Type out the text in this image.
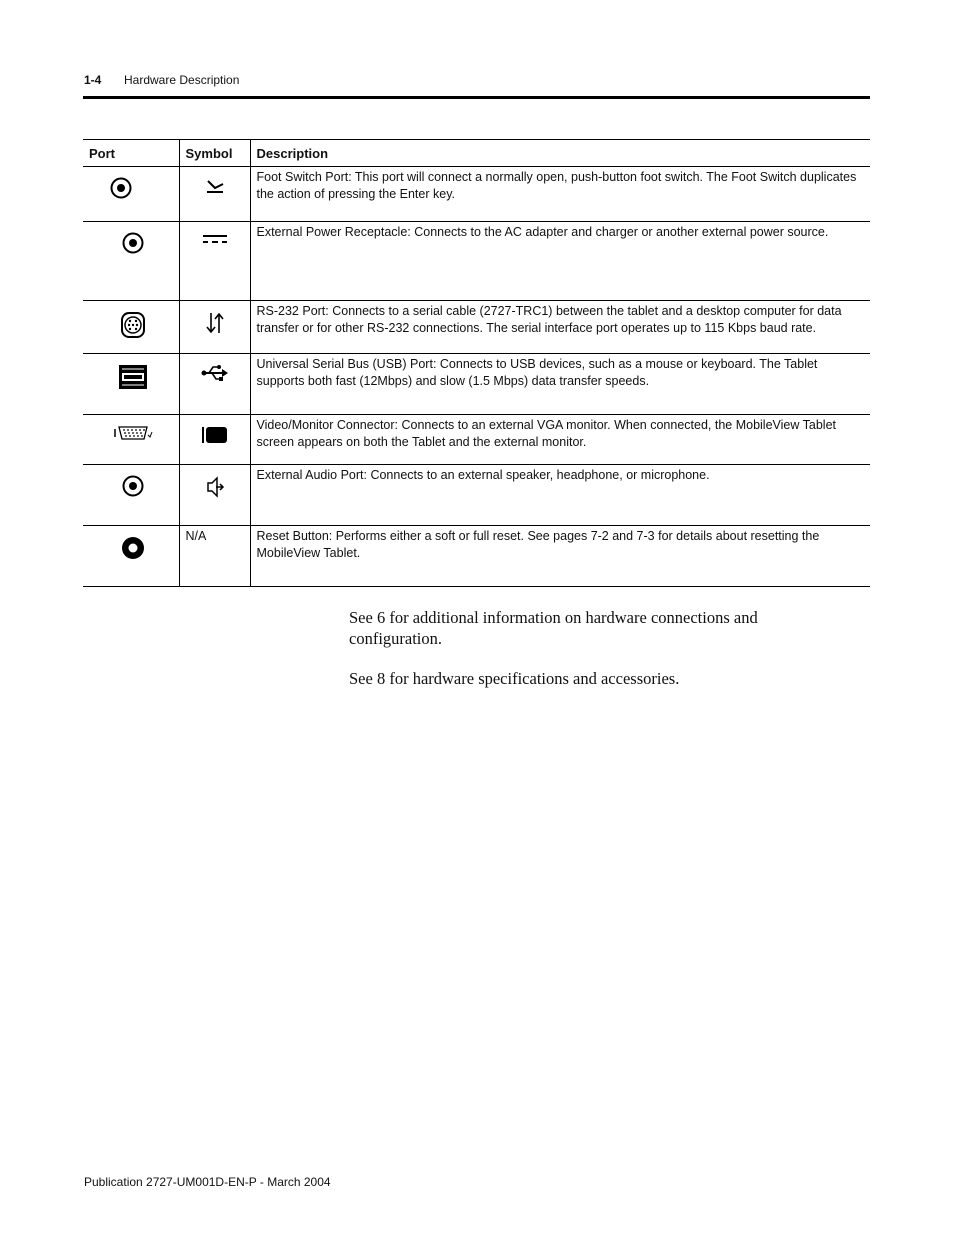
1-4 Hardware Description
Port	Symbol	Description
		Foot Switch Port: This port will connect a normally open, push-button foot switch. The Foot Switch duplicates the action of pressing the Enter key.
		External Power Receptacle: Connects to the AC adapter and charger or another external power source.
		RS-232 Port: Connects to a serial cable (2727-TRC1) between the tablet and a desktop computer for data transfer or for other RS-232 connections. The serial interface port operates up to 115 Kbps baud rate.
		Universal Serial Bus (USB) Port: Connects to USB devices, such as a mouse or keyboard. The Tablet supports both fast (12Mbps) and slow (1.5 Mbps) data transfer speeds.
		Video/Monitor Connector: Connects to an external VGA monitor. When connected, the MobileView Tablet screen appears on both the Tablet and the external monitor.
		External Audio Port: Connects to an external speaker, headphone, or microphone.
	N/A	Reset Button: Performs either a soft or full reset. See pages 7-2 and 7-3 for details about resetting the MobileView Tablet.
See 6 for additional information on hardware connections and configuration.
See 8 for hardware specifications and accessories.
Publication 2727-UM001D-EN-P - March 2004
